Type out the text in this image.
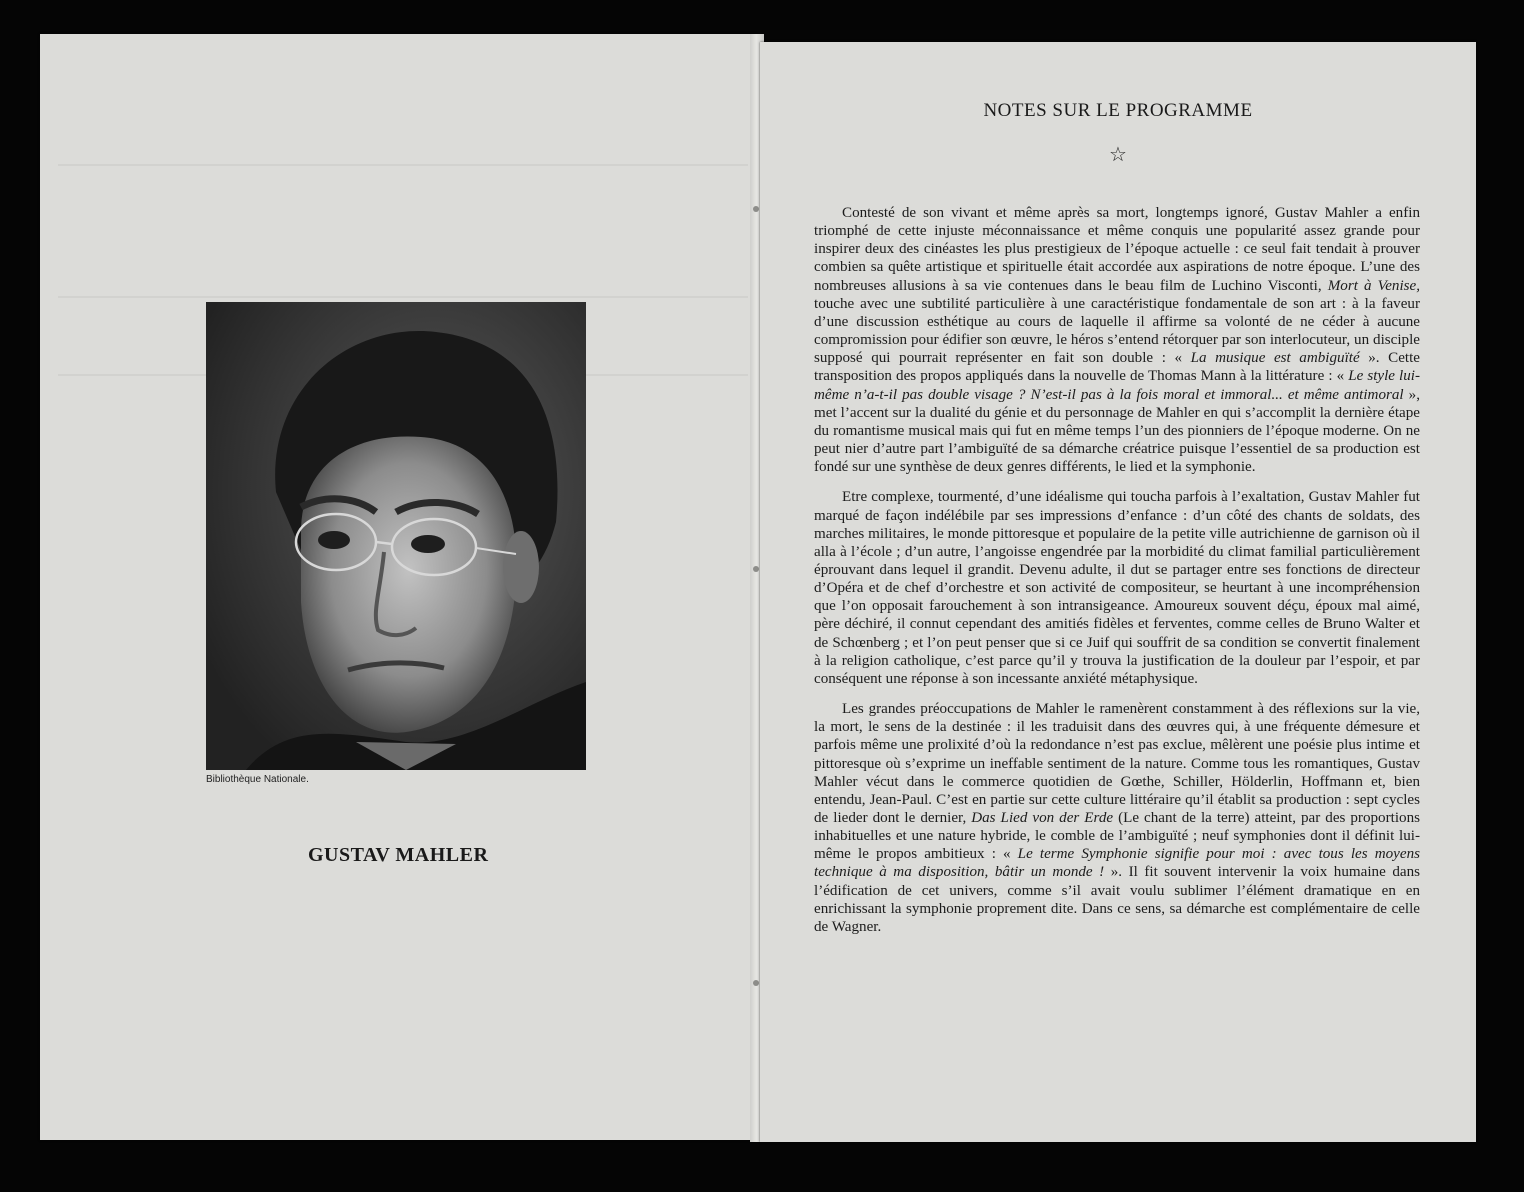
Bibliothèque Nationale.
GUSTAV MAHLER
NOTES SUR LE PROGRAMME
☆

Contesté de son vivant et même après sa mort, longtemps ignoré, Gustav Mahler a enfin triomphé de cette injuste méconnaissance et même conquis une popularité assez grande pour inspirer deux des cinéastes les plus prestigieux de l’époque actuelle : ce seul fait tendait à prouver combien sa quête artistique et spirituelle était accordée aux aspirations de notre époque. L’une des nombreuses allusions à sa vie contenues dans le beau film de Luchino Visconti, Mort à Venise, touche avec une subtilité particulière à une caractéristique fondamentale de son art : à la faveur d’une discussion esthétique au cours de laquelle il affirme sa volonté de ne céder à aucune compromission pour édifier son œuvre, le héros s’entend rétorquer par son interlocuteur, un disciple supposé qui pourrait représenter en fait son double : « La musique est ambiguïté ». Cette transposition des propos appliqués dans la nouvelle de Thomas Mann à la littérature : « Le style lui-même n’a-t-il pas double visage ? N’est-il pas à la fois moral et immoral... et même antimoral », met l’accent sur la dualité du génie et du personnage de Mahler en qui s’accomplit la dernière étape du romantisme musical mais qui fut en même temps l’un des pionniers de l’époque moderne. On ne peut nier d’autre part l’ambiguïté de sa démarche créatrice puisque l’essentiel de sa production est fondé sur une synthèse de deux genres différents, le lied et la symphonie.

Etre complexe, tourmenté, d’une idéalisme qui toucha parfois à l’exaltation, Gustav Mahler fut marqué de façon indélébile par ses impressions d’enfance : d’un côté des chants de soldats, des marches militaires, le monde pittoresque et populaire de la petite ville autrichienne de garnison où il alla à l’école ; d’un autre, l’angoisse engendrée par la morbidité du climat familial particulièrement éprouvant dans lequel il grandit. Devenu adulte, il dut se partager entre ses fonctions de directeur d’Opéra et de chef d’orchestre et son activité de compositeur, se heurtant à une incompréhension que l’on opposait farouchement à son intransigeance. Amoureux souvent déçu, époux mal aimé, père déchiré, il connut cependant des amitiés fidèles et ferventes, comme celles de Bruno Walter et de Schœnberg ; et l’on peut penser que si ce Juif qui souffrit de sa condition se convertit finalement à la religion catholique, c’est parce qu’il y trouva la justification de la douleur par l’espoir, et par conséquent une réponse à son incessante anxiété métaphysique.

Les grandes préoccupations de Mahler le ramenèrent constamment à des réflexions sur la vie, la mort, le sens de la destinée : il les traduisit dans des œuvres qui, à une fréquente démesure et parfois même une prolixité d’où la redondance n’est pas exclue, mêlèrent une poésie plus intime et pittoresque où s’exprime un ineffable sentiment de la nature. Comme tous les romantiques, Gustav Mahler vécut dans le commerce quotidien de Gœthe, Schiller, Hölderlin, Hoffmann et, bien entendu, Jean-Paul. C’est en partie sur cette culture littéraire qu’il établit sa production : sept cycles de lieder dont le dernier, Das Lied von der Erde (Le chant de la terre) atteint, par des proportions inhabituelles et une nature hybride, le comble de l’ambiguïté ; neuf symphonies dont il définit lui-même le propos ambitieux : « Le terme Symphonie signifie pour moi : avec tous les moyens technique à ma disposition, bâtir un monde ! ». Il fit souvent intervenir la voix humaine dans l’édification de cet univers, comme s’il avait voulu sublimer l’élément dramatique en en enrichissant la symphonie proprement dite. Dans ce sens, sa démarche est complémentaire de celle de Wagner.
